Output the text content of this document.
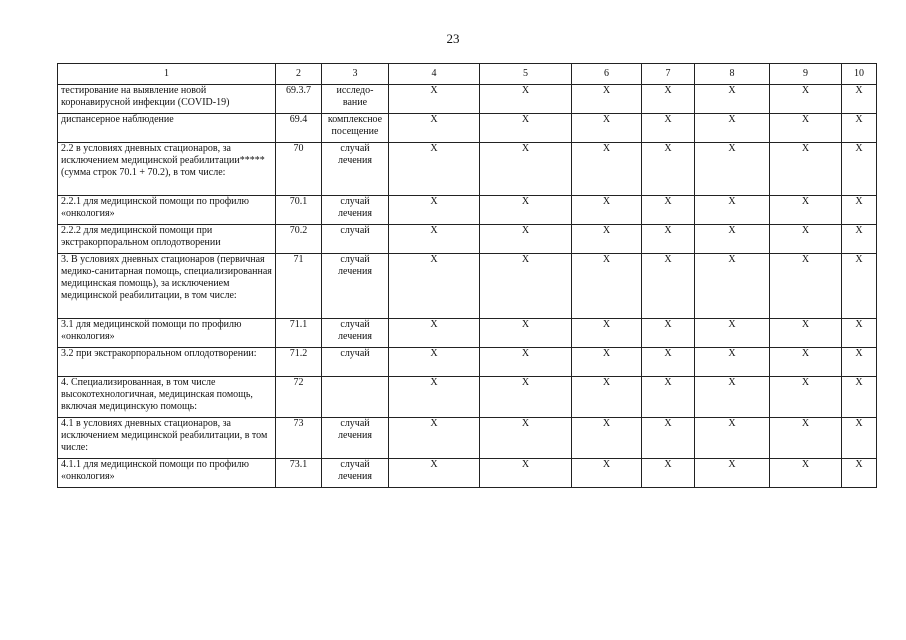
23
1	2	3	4	5	6	7	8	9	10
тестирование на выявление новой коронавирусной инфекции (COVID-19)	69.3.7	исследо-вание	X	X	X	X	X	X	X
диспансерное наблюдение	69.4	комплексное посещение	X	X	X	X	X	X	X
2.2 в условиях дневных стационаров, за исключением медицинской реабилитации***** (сумма строк 70.1 + 70.2), в том числе:	70	случай лечения	X	X	X	X	X	X	X
2.2.1 для медицинской помощи по профилю «онкология»	70.1	случай лечения	X	X	X	X	X	X	X
2.2.2 для медицинской помощи при экстракорпоральном оплодотворении	70.2	случай	X	X	X	X	X	X	X
3. В условиях дневных стационаров (первичная медико-санитарная помощь, специализированная медицинская помощь), за исключением медицинской реабилитации, в том числе:	71	случай лечения	X	X	X	X	X	X	X
3.1 для медицинской помощи по профилю «онкология»	71.1	случай лечения	X	X	X	X	X	X	X
3.2 при экстракорпоральном оплодотворении:	71.2	случай	X	X	X	X	X	X	X
4. Специализированная, в том числе высокотехнологичная, медицинская помощь, включая медицинскую помощь:	72		X	X	X	X	X	X	X
4.1 в условиях дневных стационаров, за исключением медицинской реабилитации, в том числе:	73	случай лечения	X	X	X	X	X	X	X
4.1.1 для медицинской помощи по профилю «онкология»	73.1	случай лечения	X	X	X	X	X	X	X
